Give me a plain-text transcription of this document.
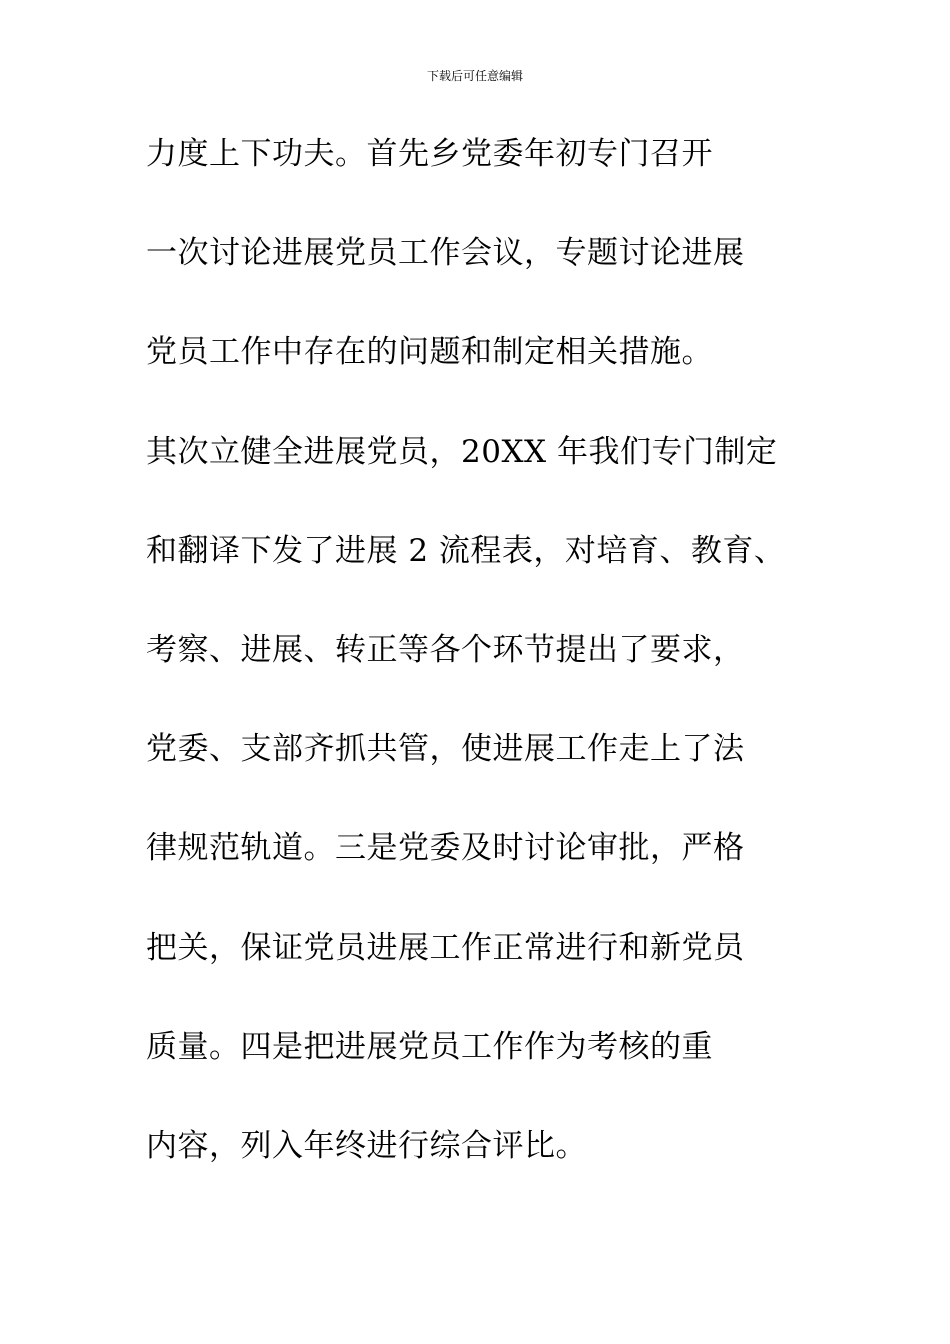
下载后可任意编辑
力度上下功夫。首先乡党委年初专门召开
一次讨论进展党员工作会议，专题讨论进展
党员工作中存在的问题和制定相关措施。
其次立健全进展党员，20XX 年我们专门制定
和翻译下发了进展 2 流程表，对培育、教育、
考察、进展、转正等各个环节提出了要求，
党委、支部齐抓共管，使进展工作走上了法
律规范轨道。三是党委及时讨论审批，严格
把关，保证党员进展工作正常进行和新党员
质量。四是把进展党员工作作为考核的重
内容，列入年终进行综合评比。
